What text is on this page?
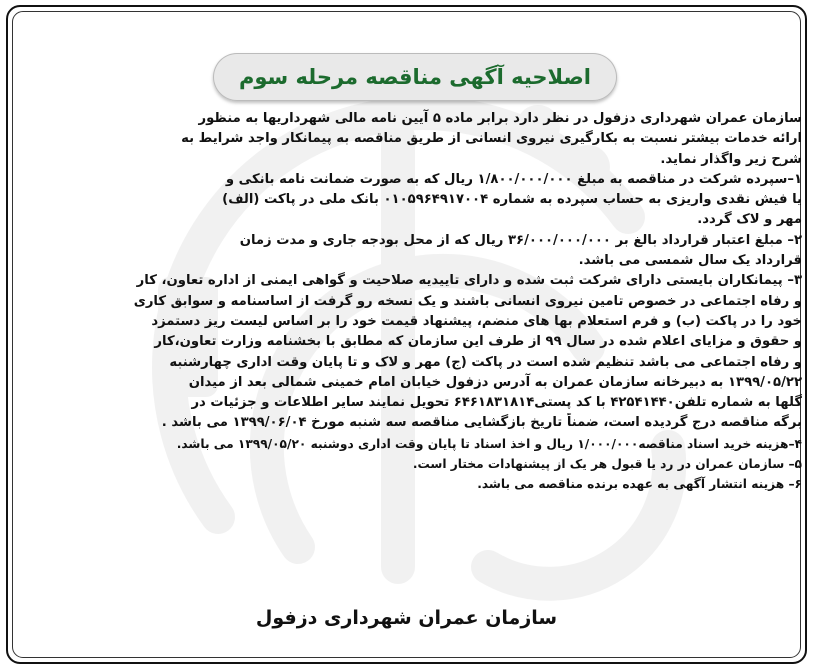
اصلاحیه آگهی مناقصه مرحله سوم

سازمان عمران شهرداری دزفول در نظر دارد برابر ماده ۵ آیین نامه مالی شهرداریها به منظور
ارائه خدمات بیشتر نسبت به بکارگیری نیروی انسانی از طریق مناقصه به پیمانکار واجد شرایط به
شرح زیر واگذار نماید.

۱–سپرده شرکت در مناقصه به مبلغ ۱/۸۰۰/۰۰۰/۰۰۰ ریال که به صورت ضمانت نامه بانکی و
یا فیش نقدی واریزی به حساب سپرده به شماره ۰۱۰۵۹۶۴۹۱۷۰۰۴ بانک ملی در پاکت (الف)
مهر و لاک گردد.

۲– مبلغ اعتبار قرارداد بالغ بر ۳۶/۰۰۰/۰۰۰/۰۰۰ ریال که از محل بودجه جاری و مدت زمان
قرارداد یک سال شمسی می باشد.

۳– پیمانکاران بایستی دارای شرکت ثبت شده و دارای تاییدیه صلاحیت و گواهی ایمنی از اداره تعاون، کار
و رفاه اجتماعی در خصوص تامین نیروی انسانی باشند و یک نسخه رو گرفت از اساسنامه و سوابق کاری
خود را در پاکت (ب) و فرم استعلام بها های منضم، پیشنهاد قیمت خود را بر اساس لیست ریز دستمزد
و حقوق و مزایای اعلام شده در سال ۹۹ از طرف این سازمان که مطابق با بخشنامه وزارت تعاون،کار
و رفاه اجتماعی می باشد تنظیم شده است در پاکت (ج) مهر و لاک و تا پایان وقت اداری چهارشنبه
۱۳۹۹/۰۵/۲۲ به دبیرخانه سازمان عمران به آدرس دزفول خیابان امام خمینی شمالی بعد از میدان
گلها به شماره تلفن۴۲۵۴۱۴۴۰ با کد پستی۶۴۶۱۸۳۱۸۱۴ تحویل نمایند سایر اطلاعات و جزئیات در
برگه مناقصه درج گردیده است، ضمناً تاریخ بازگشایی مناقصه سه شنبه مورخ ۱۳۹۹/۰۶/۰۴ می باشد .

۴–هزینه خرید اسناد مناقصه۱/۰۰۰/۰۰۰ ریال و اخذ اسناد تا پایان وقت اداری دوشنبه ۱۳۹۹/۰۵/۲۰ می باشد.

۵– سازمان عمران در رد یا قبول هر یک از پیشنهادات مختار است.

۶– هزینه انتشار آگهی به عهده برنده مناقصه می باشد.

سازمان عمران شهرداری دزفول
